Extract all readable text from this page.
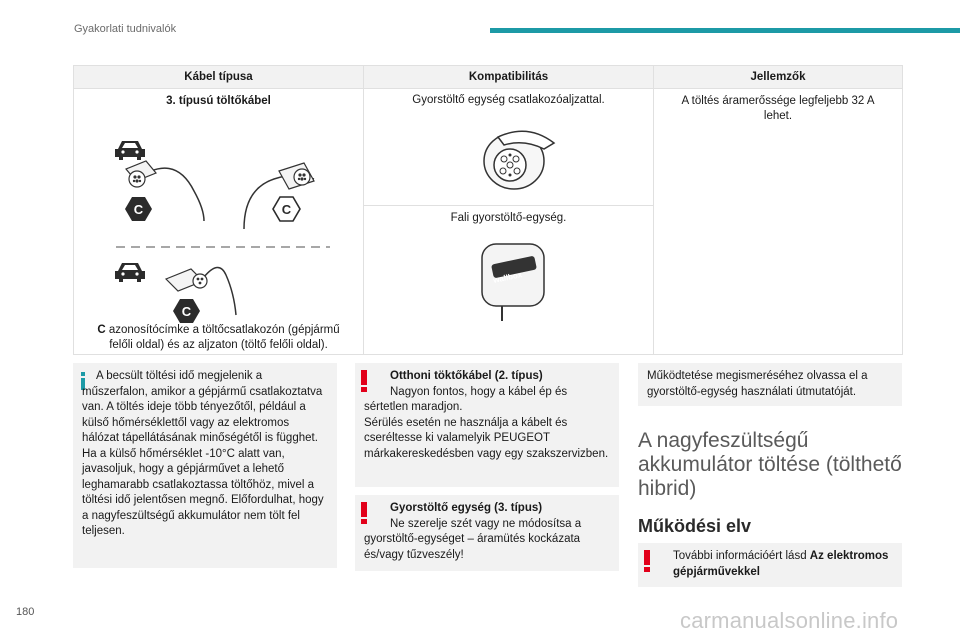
Gyakorlati tudnivalók
Kábel típusa	Kompatibilitás	Jellemzők

3. típusú töltőkábel
C C
C
C azonosítócímke a töltőcsatlakozón (gépjármű felőli oldal) és az aljzaton (töltő felőli oldal).	Gyorstöltő egység csatlakozóaljzattal.	A töltés áramerőssége legfeljebb 32 A lehet.

	Fali gyorstöltő-egység.
wallbox	
A becsült töltési idő megjelenik a műszerfalon, amikor a gépjármű csatlakoztatva van. A töltés ideje több tényezőtől, például a külső hőmérséklettől vagy az elektromos hálózat tápellátásának minőségétől is függhet.
Ha a külső hőmérséklet -10°C alatt van, javasoljuk, hogy a gépjárművet a lehető leghamarabb csatlakoztassa töltőhöz, mivel a töltési idő jelentősen megnő. Előfordulhat, hogy a nagyfeszültségű akkumulátor nem tölt fel teljesen.
Otthoni töktőkábel (2. típus)
Nagyon fontos, hogy a kábel ép és sértetlen maradjon.
Sérülés esetén ne használja a kábelt és cseréltesse ki valamelyik PEUGEOT márkakereskedésben vagy egy szakszervizben.
Gyorstöltő egység (3. típus)
Ne szerelje szét vagy ne módosítsa a gyorstöltő-egységet – áramütés kockázata és/vagy tűzveszély!
Működtetése megismeréséhez olvassa el a gyorstöltő-egység használati útmutatóját.
A nagyfeszültségű akkumulátor töltése (tölthető hibrid)
Működési elv
További információért lásd Az elektromos gépjárművekkel
180	carmanualsonline.info
